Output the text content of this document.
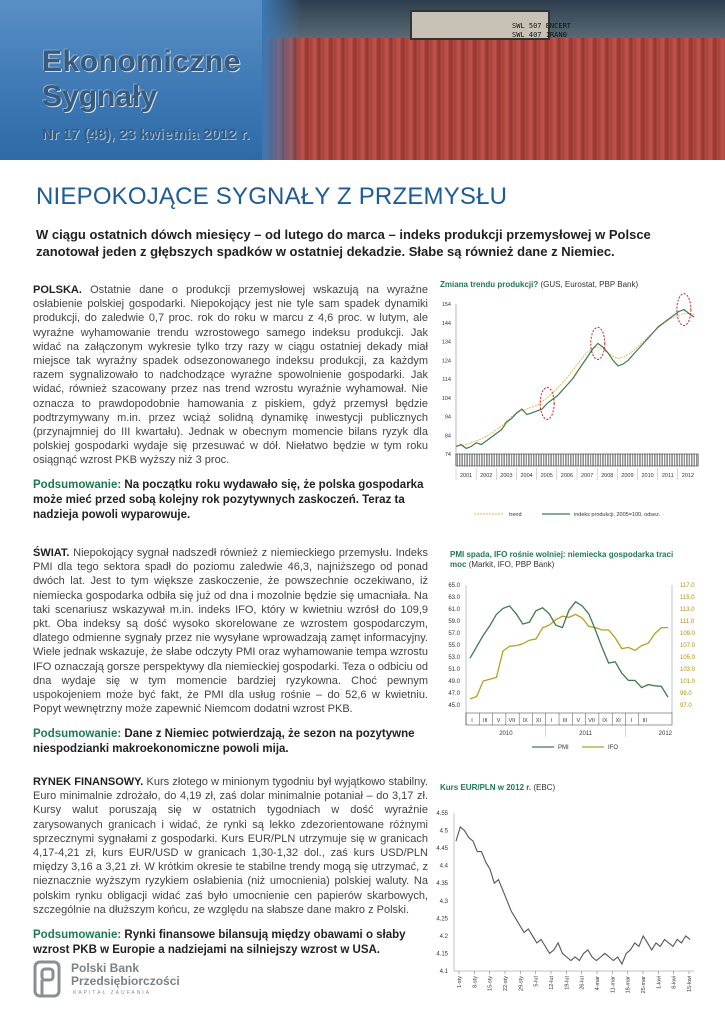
SWL 507 ENCERT
SWL 407 1RAN0
Ekonomiczne
Sygnały
Nr 17 (48), 23 kwietnia 2012 r.
NIEPOKOJĄCE SYGNAŁY Z PRZEMYSŁU
W ciągu ostatnich dówch miesięcy – od lutego do marca – indeks produkcji przemysłowej w Polsce zanotował jeden z głębszych spadków w ostatniej dekadzie. Słabe są również dane z Niemiec.
POLSKA. Ostatnie dane o produkcji przemysłowej wskazują na wyraźne osłabienie polskiej gospodarki. Niepokojący jest nie tyle sam spadek dynamiki produkcji, do zaledwie 0,7 proc. rok do roku w marcu z 4,6 proc. w lutym, ale wyraźne wyhamowanie trendu wzrostowego samego indeksu produkcji. Jak widać na załączonym wykresie tylko trzy razy w ciągu ostatniej dekady miał miejsce tak wyraźny spadek odsezonowanego indeksu produkcji, za każdym razem sygnalizowało to nadchodzące wyraźne spowolnienie gospodarki. Jak widać, również szacowany przez nas trend wzrostu wyraźnie wyhamował. Nie oznacza to prawdopodobnie hamowania z piskiem, gdyż przemysł będzie podtrzymywany m.in. przez wciąż solidną dynamikę inwestycji publicznych (przynajmniej do III kwartału). Jednak w obecnym momencie bilans ryzyk dla polskiej gospodarki wydaje się przesuwać w dół. Niełatwo będzie w tym roku osiągnąć wzrost PKB wyższy niż 3 proc.
Podsumowanie: Na początku roku wydawało się, że polska gospodarka może mieć przed sobą kolejny rok pozytywnych zaskoczeń. Teraz ta nadzieja powoli wyparowuje.
ŚWIAT. Niepokojący sygnał nadszedł również z niemieckiego przemysłu. Indeks PMI dla tego sektora spadł do poziomu zaledwie 46,3, najniższego od ponad dwóch lat. Jest to tym większe zaskoczenie, że powszechnie oczekiwano, iż niemiecka gospodarka odbiła się już od dna i mozolnie będzie się umacniała. Na taki scenariusz wskazywał m.in. indeks IFO, który w kwietniu wzrósł do 109,9 pkt. Oba indeksy są dość wysoko skorelowane ze wzrostem gospodarczym, dlatego odmienne sygnały przez nie wysyłane wprowadzają zamęt informacyjny. Wiele jednak wskazuje, że słabe odczyty PMI oraz wyhamowanie tempa wzrostu IFO oznaczają gorsze perspektywy dla niemieckiej gospodarki. Teza o odbiciu od dna wydaje się w tym momencie bardziej ryzykowna. Choć pewnym uspokojeniem może być fakt, że PMI dla usług rośnie – do 52,6 w kwietniu. Popyt wewnętrzny może zapewnić Niemcom dodatni wzrost PKB.
Podsumowanie: Dane z Niemiec potwierdzają, że sezon na pozytywne niespodzianki makroekonomiczne powoli mija.
RYNEK FINANSOWY. Kurs złotego w minionym tygodniu był wyjątkowo stabilny. Euro minimalnie zdrożało, do 4,19 zł, zaś dolar minimalnie potaniał – do 3,17 zł. Kursy walut poruszają się w ostatnich tygodniach w dość wyraźnie zarysowanych granicach i widać, że rynki są lekko zdezorientowane różnymi sprzecznymi sygnałami z gospodarki. Kurs EUR/PLN utrzymuje się w granicach 4,17-4,21 zł, kurs EUR/USD w granicach 1,30-1,32 dol., zaś kurs USD/PLN między 3,16 a 3,21 zł. W krótkim okresie te stabilne trendy mogą się utrzymać, z nieznacznie wyższym ryzykiem osłabienia (niż umocnienia) polskiej waluty. Na polskim rynku obligacji widać zaś było umocnienie cen papierów skarbowych, szczególnie na dłuższym końcu, ze względu na słabsze dane makro z Polski.
Podsumowanie: Rynki finansowe bilansują między obawami o słaby wzrost PKB w Europie a nadziejami na silniejszy wzrost w USA.
Zmiana trendu produkcji? (GUS, Eurostat, PBP Bank)
PMI spada, IFO rośnie wolniej: niemiecka gospodarka traci moc (Markit, IFO, PBP Bank)
Kurs EUR/PLN w 2012 r. (EBC)
154
144
134
124
114
104
94
84
74
2001 2002 2003 2004 2005 2006 2007 2008 2009 2010 2011 2012
trend	indeks produkcji, 2005=100, odsez.
65.0
63.0
61.0
59.0
57.0
55.0
53.0
51.0
49.0
47.0
45.0
117.0
115.0
113.0
111.0
109.0
107.0
105.0
103.0
101.0
99.0
97.0
I III V VII IX XI I III V VII IX XI I III
2010	2011	2012
PMI	IFO
4.55
4.5
4.45
4.4
4.35
4.3
4.25
4.2
4.15
4.1
1-sty 8-sty 15-sty 22-sty 29-sty 5-lut 12-lut 19-lut 26-lut 4-mar 11-mar 18-mar 25-mar 1-kwi 8-kwi 15-kwi
Polski Bank
Przedsiębiorczości
KAPITAŁ ZAUFANIA
